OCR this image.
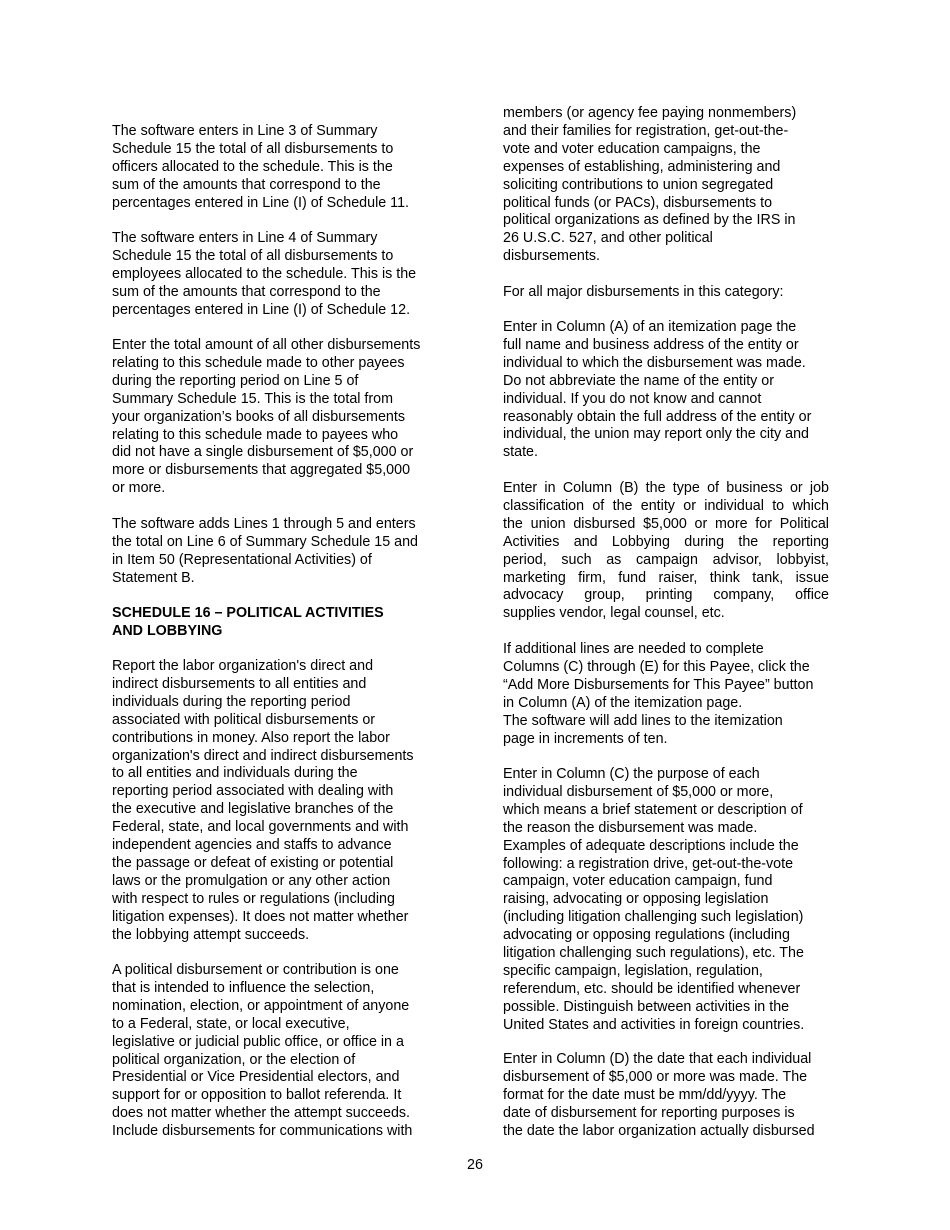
The software enters in Line 3 of Summary
Schedule 15 the total of all disbursements to
officers allocated to the schedule. This is the
sum of the amounts that correspond to the
percentages entered in Line (I) of Schedule 11.
The software enters in Line 4 of Summary
Schedule 15 the total of all disbursements to
employees allocated to the schedule. This is the
sum of the amounts that correspond to the
percentages entered in Line (I) of Schedule 12.
Enter the total amount of all other disbursements
relating to this schedule made to other payees
during the reporting period on Line 5 of
Summary Schedule 15. This is the total from
your organization’s books of all disbursements
relating to this schedule made to payees who
did not have a single disbursement of $5,000 or
more or disbursements that aggregated $5,000
or more.
The software adds Lines 1 through 5 and enters
the total on Line 6 of Summary Schedule 15 and
in Item 50 (Representational Activities) of
Statement B.
SCHEDULE 16 – POLITICAL ACTIVITIES
AND LOBBYING
Report the labor organization's direct and
indirect disbursements to all entities and
individuals during the reporting period
associated with political disbursements or
contributions in money. Also report the labor
organization's direct and indirect disbursements
to all entities and individuals during the
reporting period associated with dealing with
the executive and legislative branches of the
Federal, state, and local governments and with
independent agencies and staffs to advance
the passage or defeat of existing or potential
laws or the promulgation or any other action
with respect to rules or regulations (including
litigation expenses). It does not matter whether
the lobbying attempt succeeds.
A political disbursement or contribution is one
that is intended to influence the selection,
nomination, election, or appointment of anyone
to a Federal, state, or local executive,
legislative or judicial public office, or office in a
political organization, or the election of
Presidential or Vice Presidential electors, and
support for or opposition to ballot referenda. It
does not matter whether the attempt succeeds.
Include disbursements for communications with
members (or agency fee paying nonmembers)
and their families for registration, get-out-the-
vote and voter education campaigns, the
expenses of establishing, administering and
soliciting contributions to union segregated
political funds (or PACs), disbursements to
political organizations as defined by the IRS in
26 U.S.C. 527, and other political
disbursements.
For all major disbursements in this category:
Enter in Column (A) of an itemization page the
full name and business address of the entity or
individual to which the disbursement was made.
Do not abbreviate the name of the entity or
individual. If you do not know and cannot
reasonably obtain the full address of the entity or
individual, the union may report only the city and
state.
Enter in Column (B) the type of business or job
classification of the entity or individual to which
the union disbursed $5,000 or more for Political
Activities and Lobbying during the reporting
period, such as campaign advisor, lobbyist,
marketing firm, fund raiser, think tank, issue
advocacy group, printing company, office
supplies vendor, legal counsel, etc.
If additional lines are needed to complete
Columns (C) through (E) for this Payee, click the
“Add More Disbursements for This Payee” button
in Column (A) of the itemization page.
The software will add lines to the itemization
page in increments of ten.
Enter in Column (C) the purpose of each
individual disbursement of $5,000 or more,
which means a brief statement or description of
the reason the disbursement was made.
Examples of adequate descriptions include the
following: a registration drive, get-out-the-vote
campaign, voter education campaign, fund
raising, advocating or opposing legislation
(including litigation challenging such legislation)
advocating or opposing regulations (including
litigation challenging such regulations), etc. The
specific campaign, legislation, regulation,
referendum, etc. should be identified whenever
possible. Distinguish between activities in the
United States and activities in foreign countries.
Enter in Column (D) the date that each individual
disbursement of $5,000 or more was made. The
format for the date must be mm/dd/yyyy. The
date of disbursement for reporting purposes is
the date the labor organization actually disbursed
26
